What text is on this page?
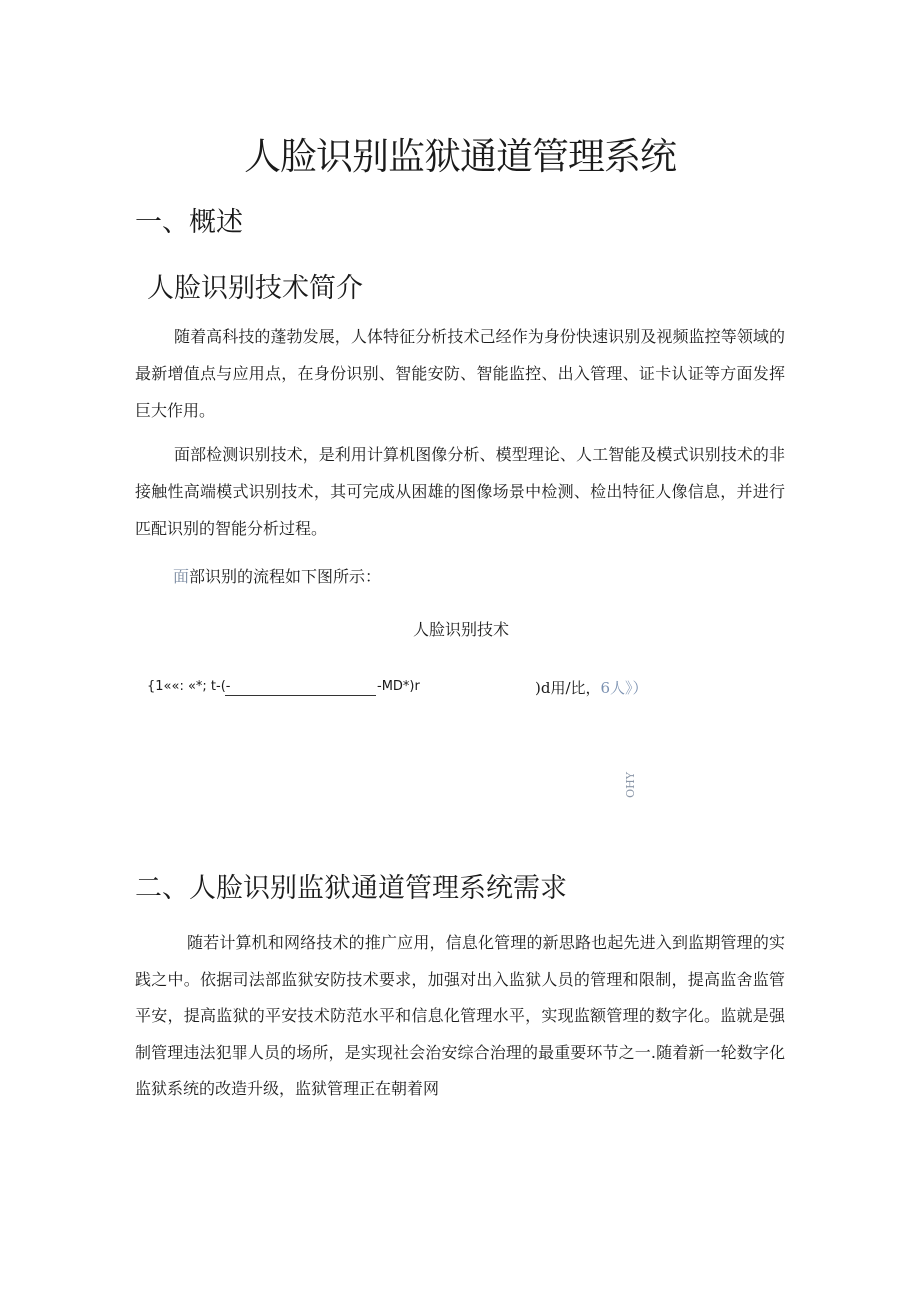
人脸识别监狱通道管理系统
一、概述
人脸识别技术简介
随着高科技的蓬勃发展，人体特征分析技术己经作为身份快速识别及视频监控等领域的最新增值点与应用点，在身份识别、智能安防、智能监控、出入管理、证卡认证等方面发挥巨大作用。
面部检测识别技术，是利用计算机图像分析、模型理论、人工智能及模式识别技术的非接触性高端模式识别技术，其可完成从困雄的图像场景中检测、检出特征人像信息，并进行匹配识别的智能分析过程。
面部识别的流程如下图所示：
人脸识别技术
{1««: «*; t-(-	-MD*)r	)d用/比，6人》）
OHY
二、人脸识别监狱通道管理系统需求
随若计算机和网络技术的推广应用，信息化管理的新思路也起先进入到监期管理的实践之中。依据司法部监狱安防技术要求，加强对出入监狱人员的管理和限制，提高监舍监管平安，提高监狱的平安技术防范水平和信息化管理水平，实现监额管理的数字化。监就是强制管理违法犯罪人员的场所，是实现社会治安综合治理的最重要环节之一.随着新一轮数字化监狱系统的改造升级，监狱管理正在朝着网
